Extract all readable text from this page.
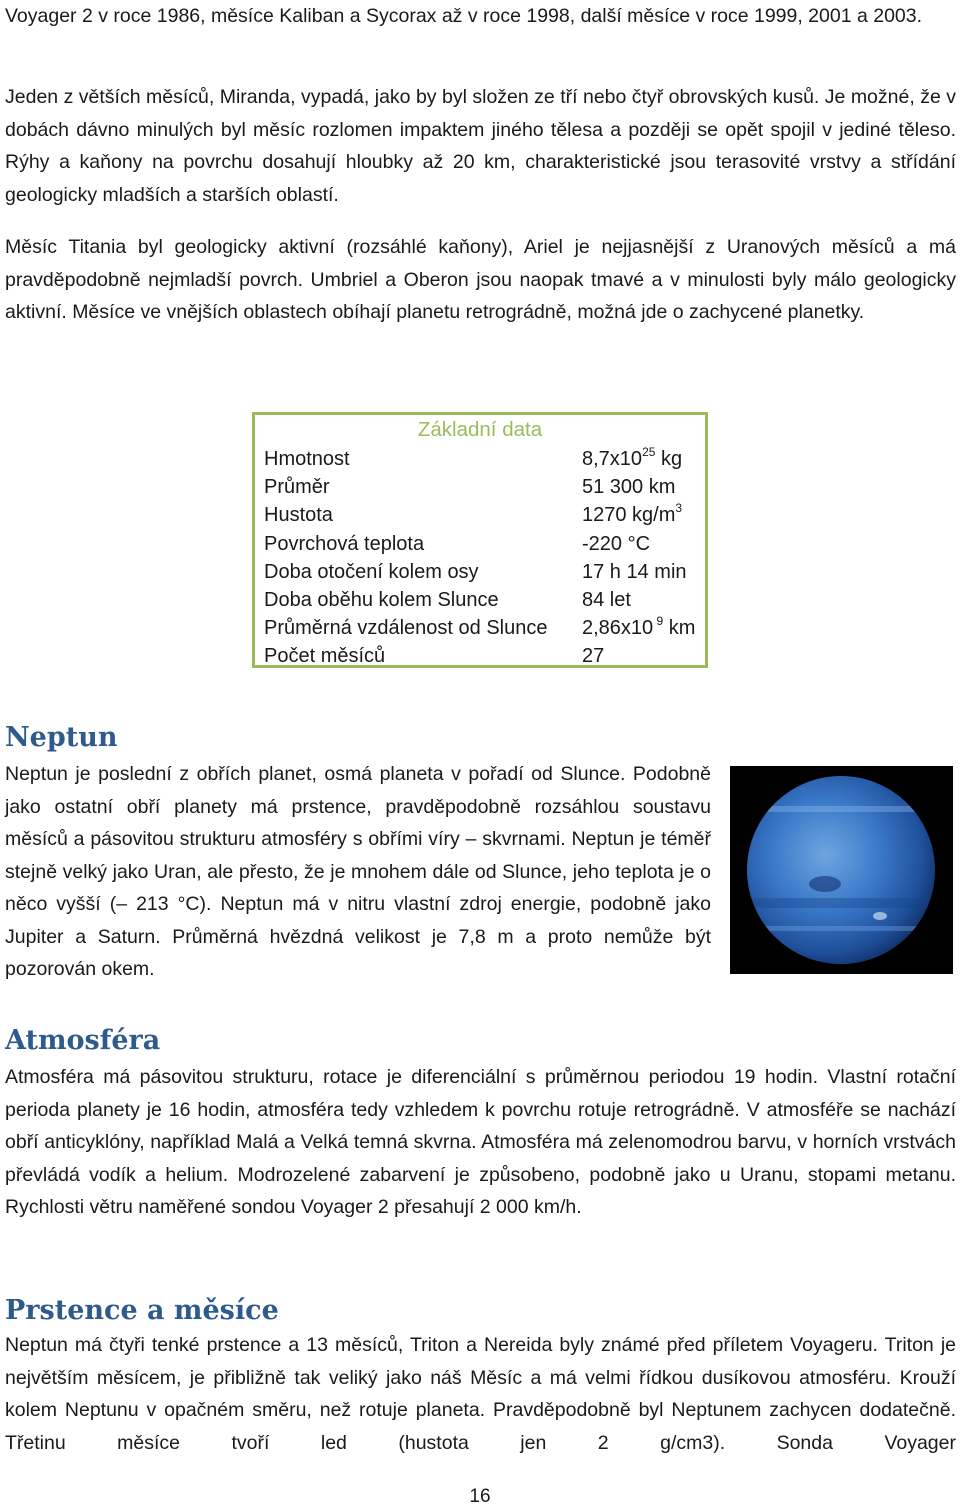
Voyager 2 v roce 1986, měsíce Kaliban a Sycorax až v roce 1998, další měsíce v roce 1999, 2001 a 2003.

Jeden z větších měsíců, Miranda, vypadá, jako by byl složen ze tří nebo čtyř obrovských kusů. Je možné, že v dobách dávno minulých byl měsíc rozlomen impaktem jiného tělesa a později se opět spojil v jediné těleso. Rýhy a kaňony na povrchu dosahují hloubky až 20 km, charakteristické jsou terasovité vrstvy a střídání geologicky mladších a starších oblastí.

Měsíc Titania byl geologicky aktivní (rozsáhlé kaňony), Ariel je nejjasnější z Uranových měsíců a má pravděpodobně nejmladší povrch. Umbriel a Oberon jsou naopak tmavé a v minulosti byly málo geologicky aktivní. Měsíce ve vnějších oblastech obíhají planetu retrográdně, možná jde o zachycené planetky.

Základní data
Hmotnost	$8,7x10^{25}$ kg
Průměr	51 300 km
Hustota	1270 $kg/m^3$
Povrchová teplota	-220 °C
Doba otočení kolem osy	17 h 14 min
Doba oběhu kolem Slunce	84 let
Průměrná vzdálenost od Slunce 2,86x10 $^9$ km
Počet měsíců	27
Neptun

Neptun je poslední z obřích planet, osmá planeta v pořadí od Slunce. Podobně jako ostatní obří planety má prstence, pravděpodobně rozsáhlou soustavu měsíců a pásovitou strukturu atmosféry s obřími víry – skvrnami. Neptun je téměř stejně velký jako Uran, ale přesto, že je mnohem dále od Slunce, jeho teplota je o něco vyšší (– 213 °C). Neptun má v nitru vlastní zdroj energie, podobně jako Jupiter a Saturn. Průměrná hvězdná velikost je 7,8 m a proto nemůže být pozorován okem.

Atmosféra

Atmosféra má pásovitou strukturu, rotace je diferenciální s průměrnou periodou 19 hodin. Vlastní rotační perioda planety je 16 hodin, atmosféra tedy vzhledem k povrchu rotuje retrográdně. V atmosféře se nachází obří anticyklóny, například Malá a Velká temná skvrna. Atmosféra má zelenomodrou barvu, v horních vrstvách převládá vodík a helium. Modrozelené zabarvení je způsobeno, podobně jako u Uranu, stopami metanu. Rychlosti větru naměřené sondou Voyager 2 přesahují 2 000 km/h.

Prstence a měsíce

Neptun má čtyři tenké prstence a 13 měsíců, Triton a Nereida byly známé před příletem Voyageru. Triton je největším měsícem, je přibližně tak veliký jako náš Měsíc a má velmi řídkou dusíkovou atmosféru. Krouží kolem Neptunu v opačném směru, než rotuje planeta. Pravděpodobně byl Neptunem zachycen dodatečně. Třetinu měsíce tvoří led (hustota jen 2 g/cm3). Sonda Voyager

16
